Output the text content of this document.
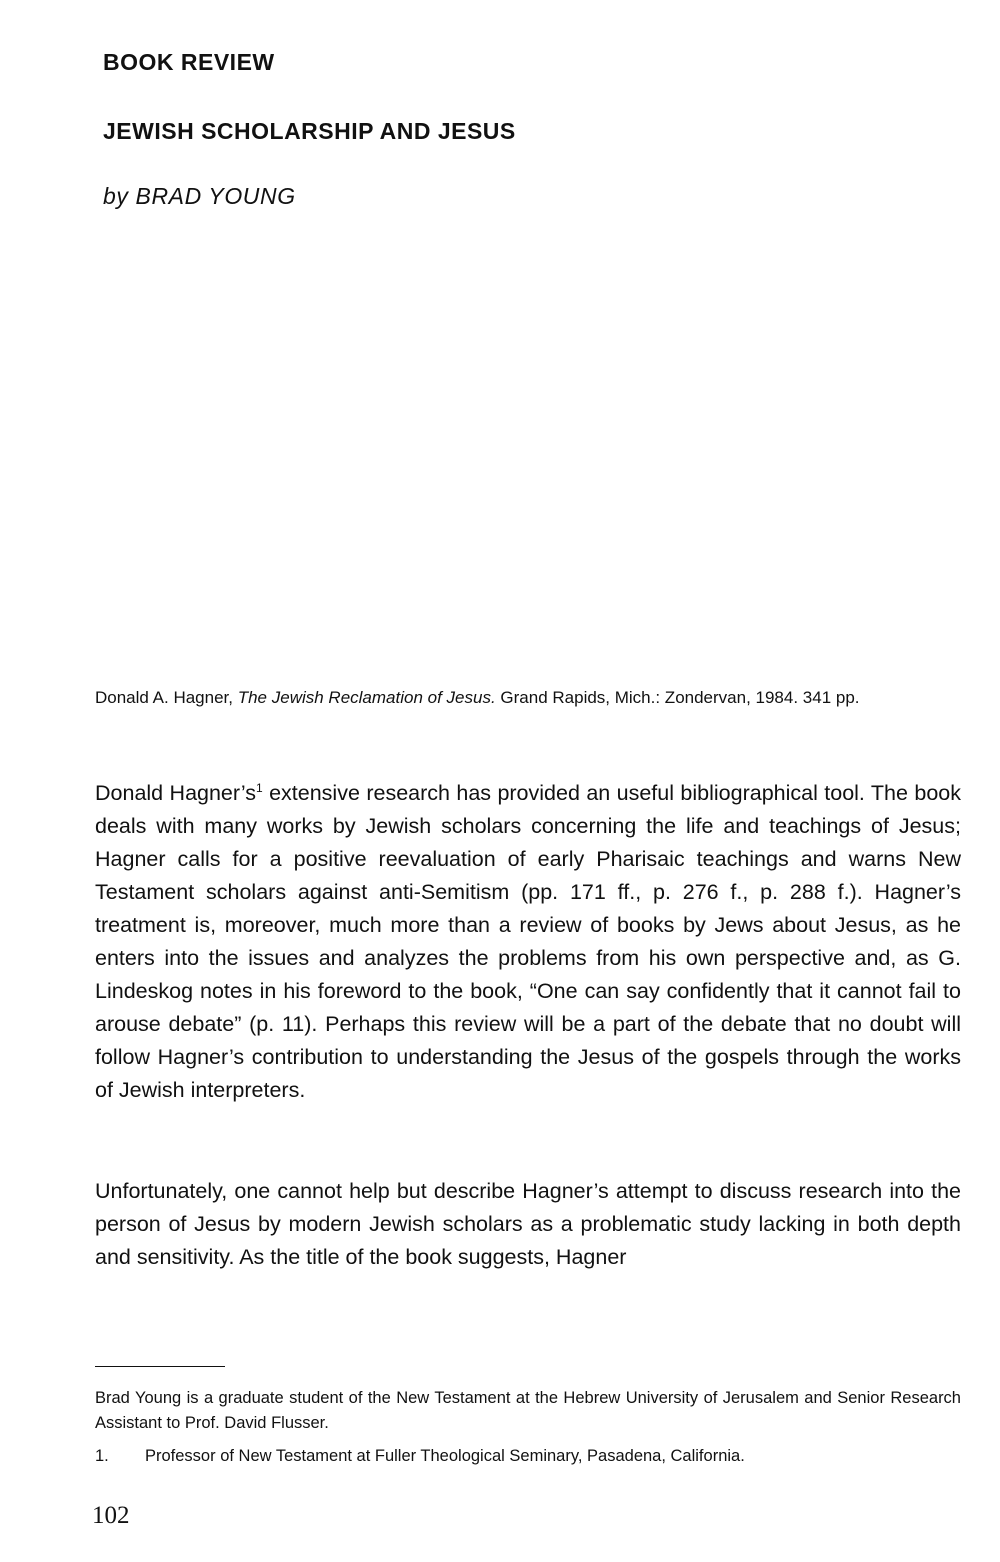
BOOK REVIEW

JEWISH SCHOLARSHIP AND JESUS

by BRAD YOUNG

Donald A. Hagner, The Jewish Reclamation of Jesus. Grand Rapids, Mich.: Zondervan, 1984. 341 pp.

Donald $Hagner’s^1$ extensive research has provided an useful bibliographical tool. The book deals with many works by Jewish scholars concerning the life and teachings of Jesus; Hagner calls for a positive reevaluation of early Pharisaic teachings and warns New Testament scholars against anti-Semitism (pp. 171 ff., p. 276 f., p. 288 f.). Hagner’s treatment is, moreover, much more than a review of books by Jews about Jesus, as he enters into the issues and analyzes the problems from his own perspective and, as G. Lindeskog notes in his foreword to the book, “One can say confidently that it cannot fail to arouse debate” (p. 11). Perhaps this review will be a part of the debate that no doubt will follow Hagner’s contribution to understanding the Jesus of the gospels through the works of Jewish interpreters.

Unfortunately, one cannot help but describe Hagner’s attempt to discuss research into the person of Jesus by modern Jewish scholars as a problematic study lacking in both depth and sensitivity. As the title of the book suggests, Hagner

Brad Young is a graduate student of the New Testament at the Hebrew University of Jerusalem and Senior Research Assistant to Prof. David Flusser.

1. Professor of New Testament at Fuller Theological Seminary, Pasadena, California.

102
